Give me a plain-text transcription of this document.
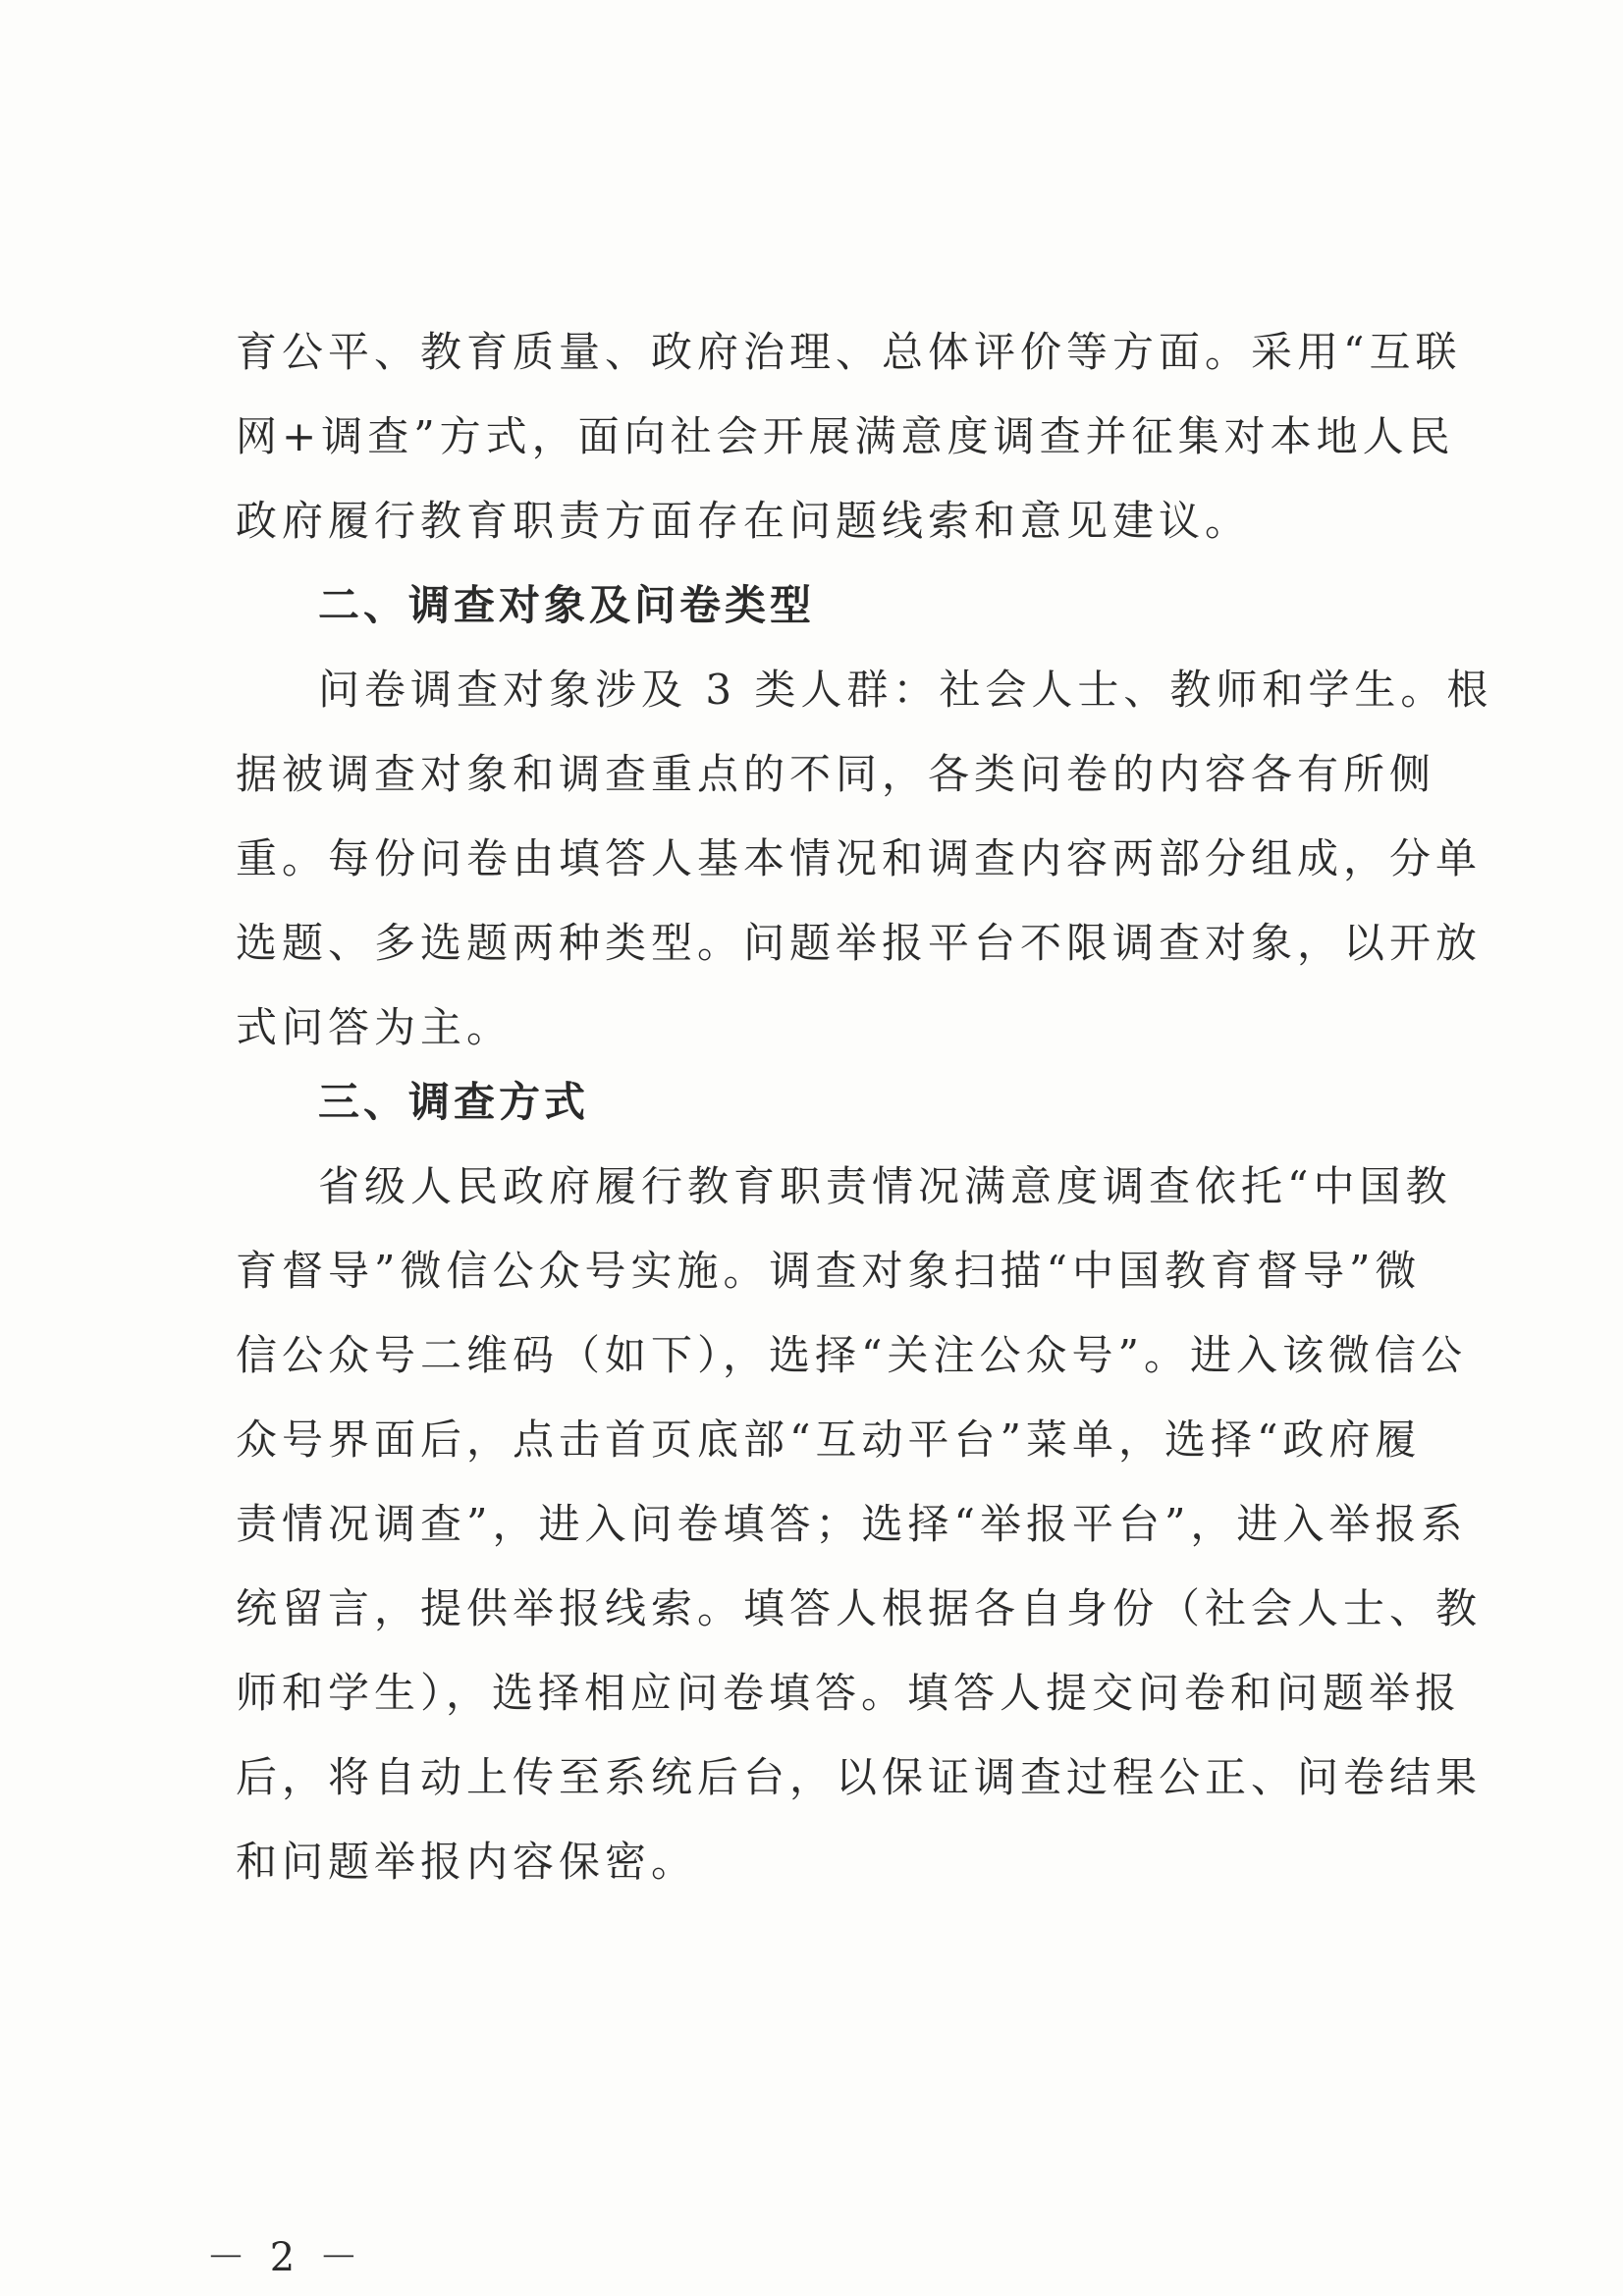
育公平、教育质量、政府治理、总体评价等方面。采用“互联
网+调查”方式，面向社会开展满意度调查并征集对本地人民
政府履行教育职责方面存在问题线索和意见建议。
二、调查对象及问卷类型
问卷调查对象涉及 3 类人群：社会人士、教师和学生。根
据被调查对象和调查重点的不同，各类问卷的内容各有所侧
重。每份问卷由填答人基本情况和调查内容两部分组成，分单
选题、多选题两种类型。问题举报平台不限调查对象，以开放
式问答为主。
三、调查方式
省级人民政府履行教育职责情况满意度调查依托“中国教
育督导”微信公众号实施。调查对象扫描“中国教育督导”微
信公众号二维码（如下），选择“关注公众号”。进入该微信公
众号界面后，点击首页底部“互动平台”菜单，选择“政府履
责情况调查”，进入问卷填答；选择“举报平台”，进入举报系
统留言，提供举报线索。填答人根据各自身份（社会人士、教
师和学生），选择相应问卷填答。填答人提交问卷和问题举报
后，将自动上传至系统后台，以保证调查过程公正、问卷结果
和问题举报内容保密。
－ 2 －
